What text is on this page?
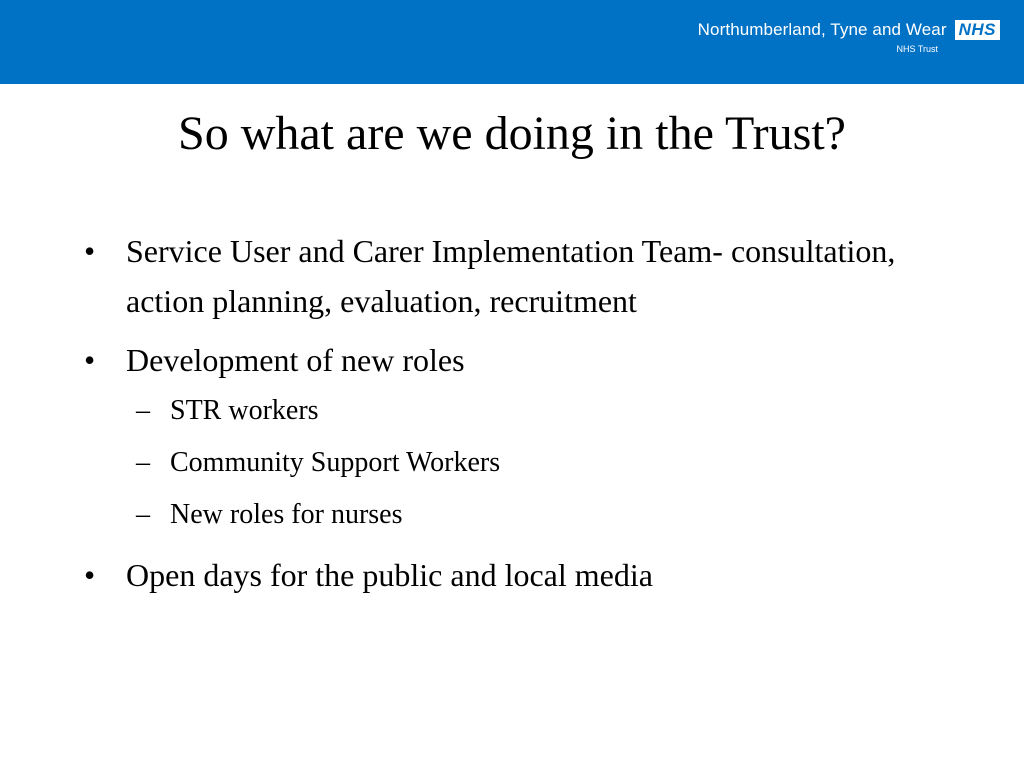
Northumberland, Tyne and Wear NHS
NHS Trust
So what are we doing in the Trust?
• Service User and Carer Implementation Team- consultation, action planning, evaluation, recruitment
• Development of new roles
– STR workers
– Community Support Workers
– New roles for nurses
• Open days for the public and local media
